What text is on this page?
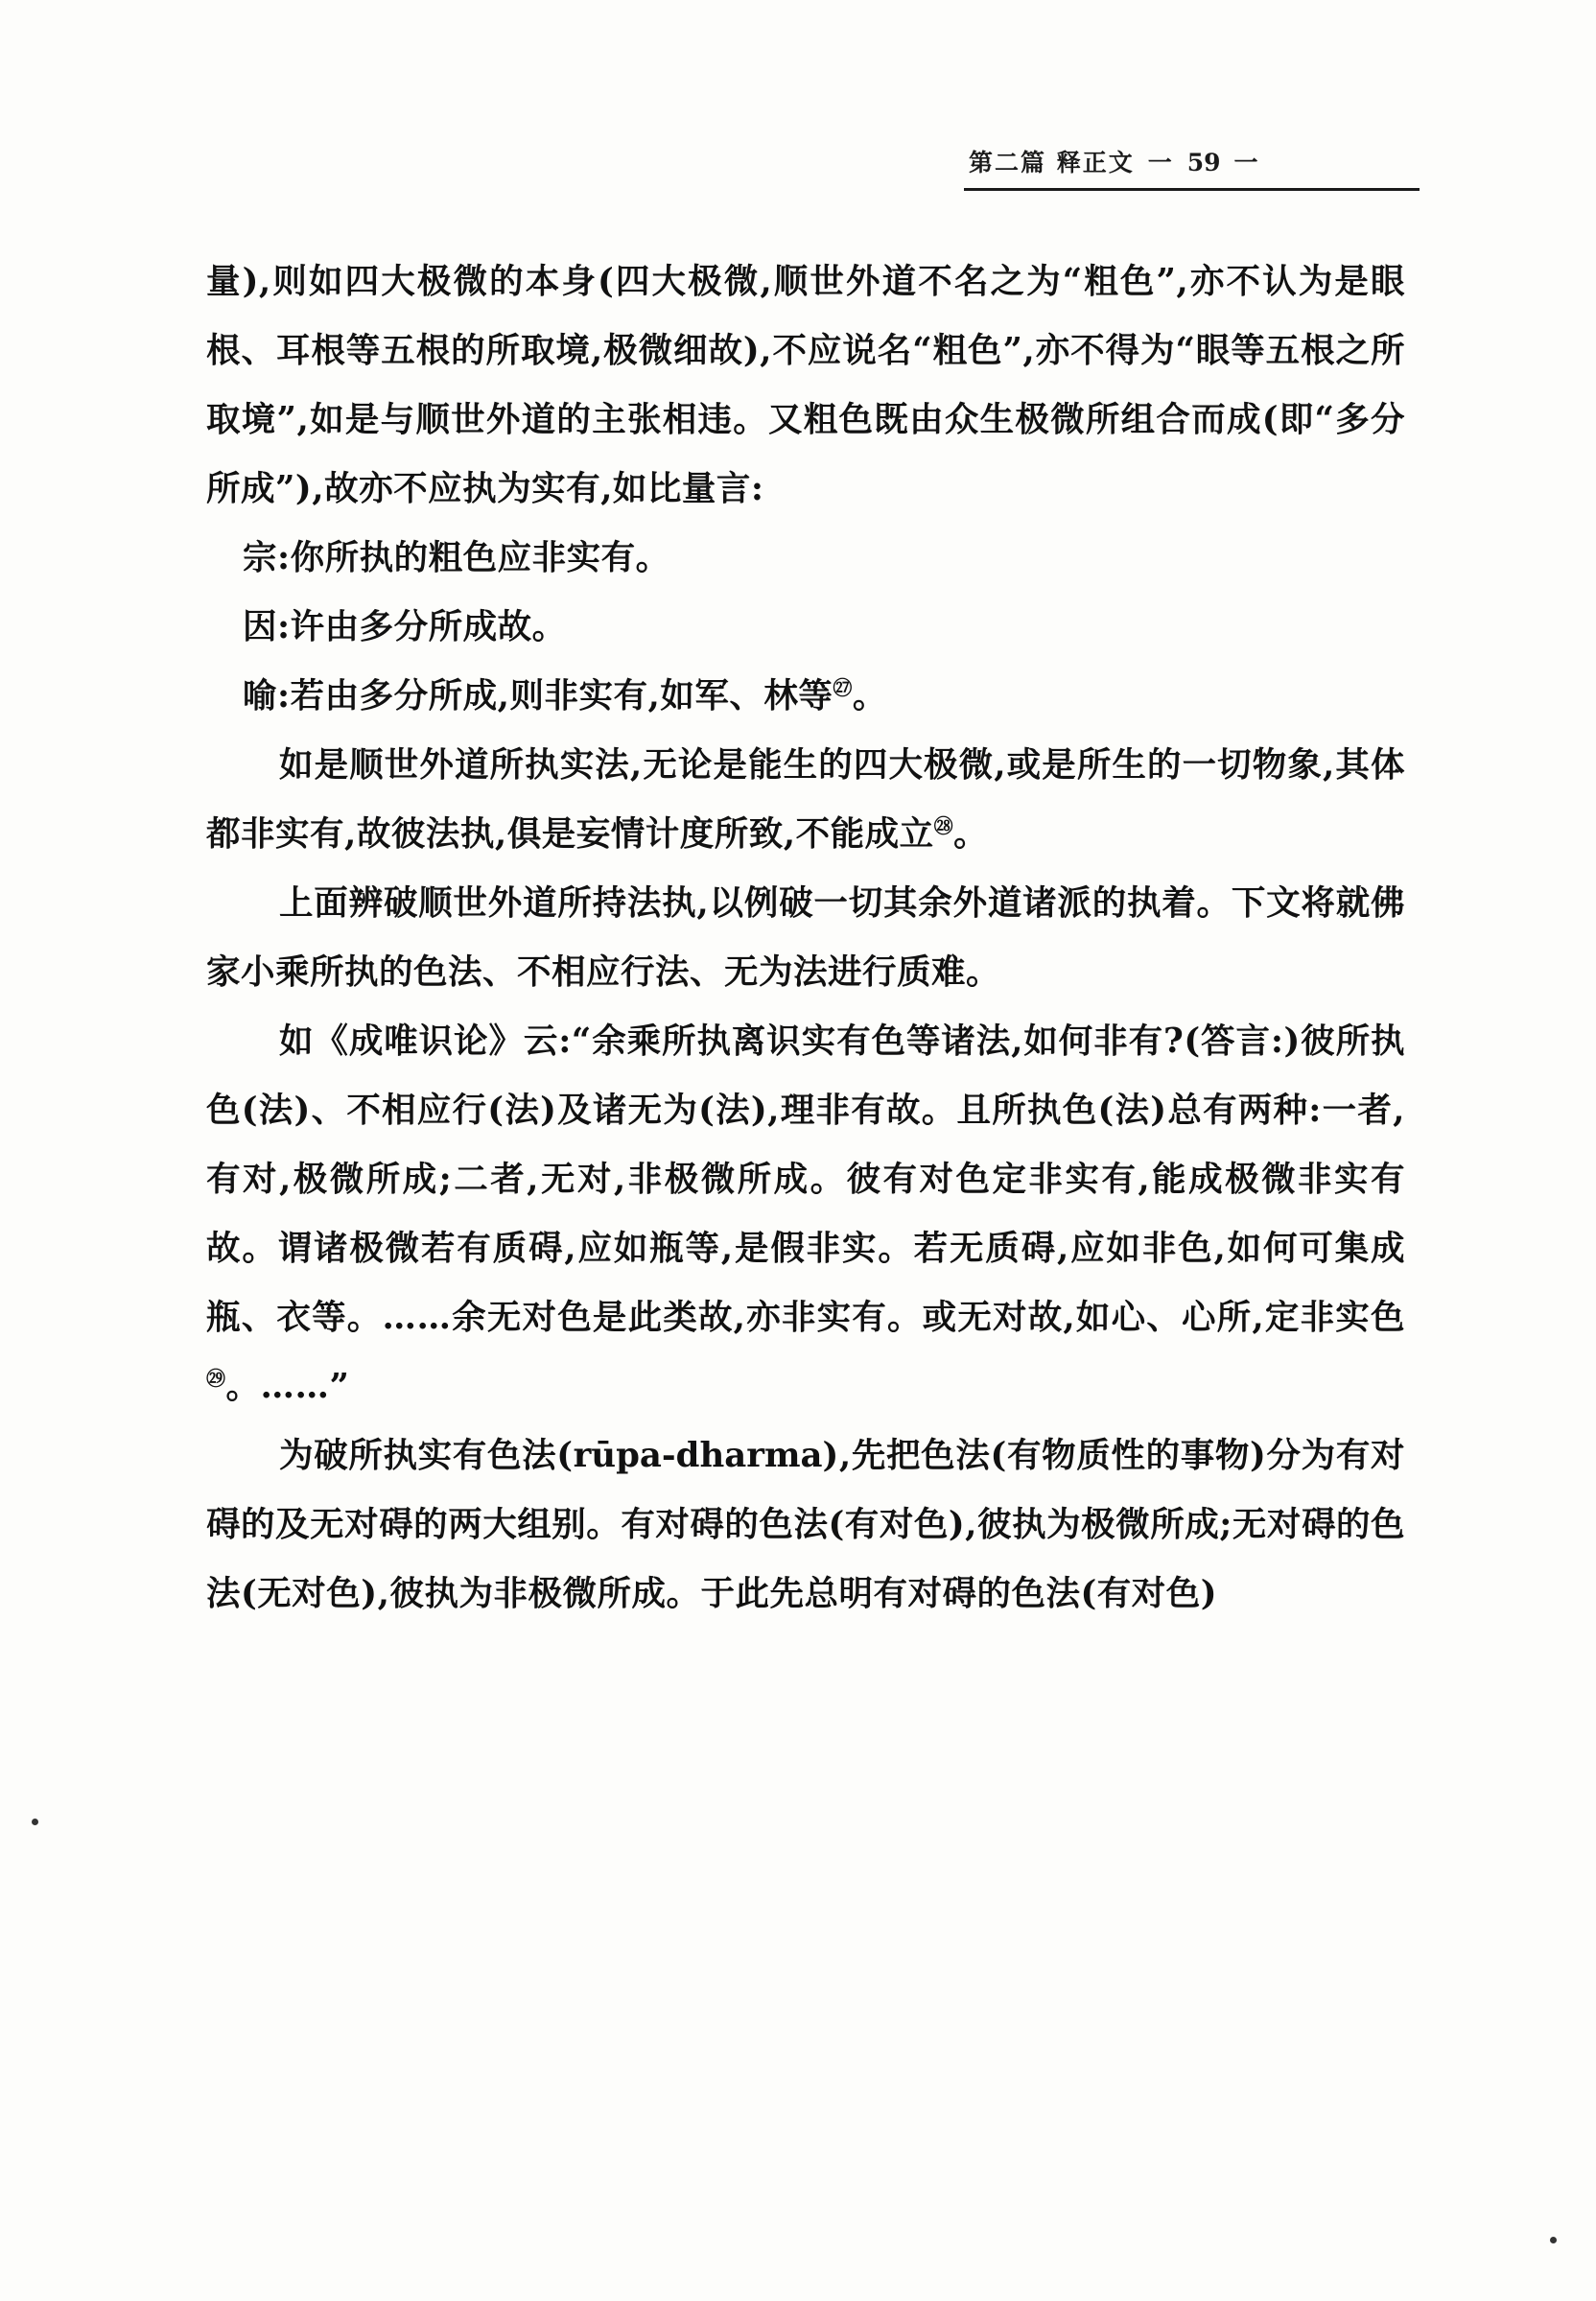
第二篇 释正文 一 59 一

量),则如四大极微的本身(四大极微,顺世外道不名之为“粗色”,亦不认为是眼根、耳根等五根的所取境,极微细故),不应说名“粗色”,亦不得为“眼等五根之所取境”,如是与顺世外道的主张相违。又粗色既由众生极微所组合而成(即“多分所成”),故亦不应执为实有,如比量言:

宗:你所执的粗色应非实有。

因:许由多分所成故。

喻:若由多分所成,则非实有,如军、林等$^㉗$。

如是顺世外道所执实法,无论是能生的四大极微,或是所生的一切物象,其体都非实有,故彼法执,俱是妄情计度所致,不能成立$^㉘$。

上面辨破顺世外道所持法执,以例破一切其余外道诸派的执着。下文将就佛家小乘所执的色法、不相应行法、无为法进行质难。

如《成唯识论》云:“余乘所执离识实有色等诸法,如何非有?(答言:)彼所执色(法)、不相应行(法)及诸无为(法),理非有故。且所执色(法)总有两种:一者,有对,极微所成;二者,无对,非极微所成。彼有对色定非实有,能成极微非实有故。谓诸极微若有质碍,应如瓶等,是假非实。若无质碍,应如非色,如何可集成瓶、衣等。……余无对色是此类故,亦非实有。或无对故,如心、心所,定非实色$^㉙$。……”

为破所执实有色法(rūpa-dharma),先把色法(有物质性的事物)分为有对碍的及无对碍的两大组别。有对碍的色法(有对色),彼执为极微所成;无对碍的色法(无对色),彼执为非极微所成。于此先总明有对碍的色法(有对色)
